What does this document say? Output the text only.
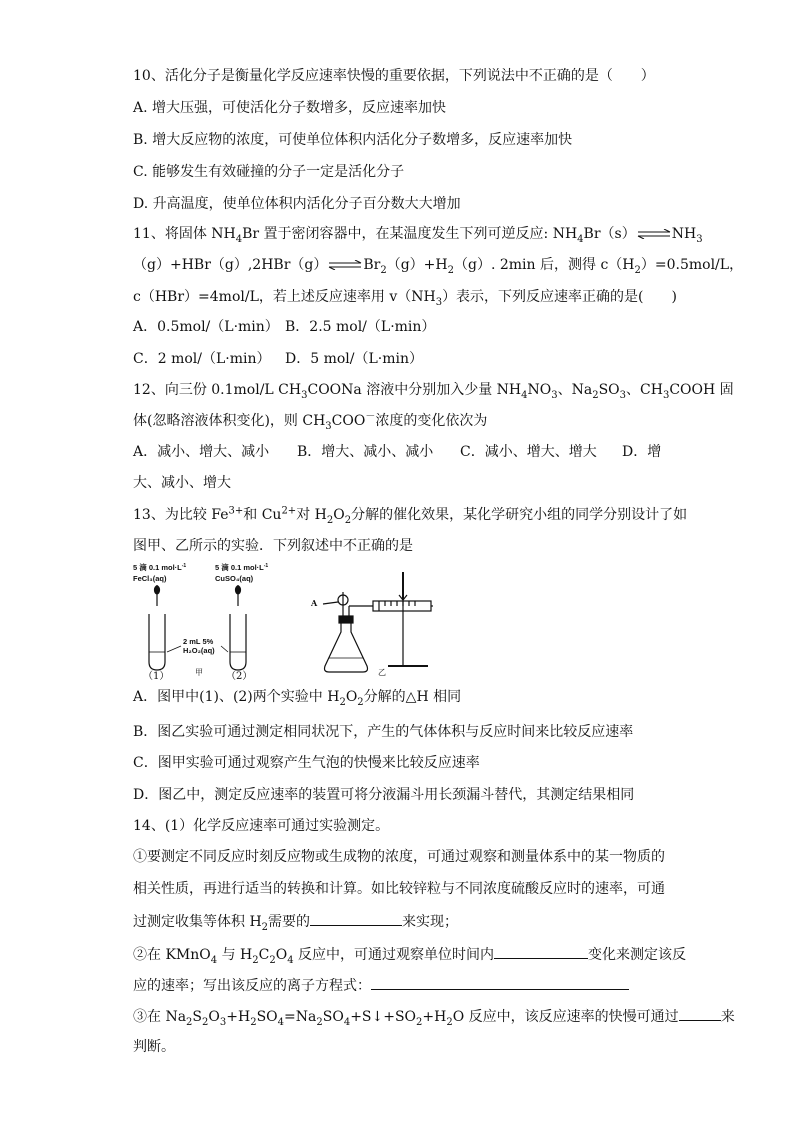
10、活化分子是衡量化学反应速率快慢的重要依据，下列说法中不正确的是（　　）
A. 增大压强，可使活化分子数增多，反应速率加快
B. 增大反应物的浓度，可使单位体积内活化分子数增多，反应速率加快
C. 能够发生有效碰撞的分子一定是活化分子
D. 升高温度，使单位体积内活化分子百分数大大增加
11、将固体 $NH_4Br$ 置于密闭容器中，在某温度发生下列可逆反应: $NH_4Br(s)\rightleftharpoons NH_3$
$(g)+HBr(g),2HBr(g)\rightleftharpoons Br_2(g)+H_2(g)$. 2min 后，测得 $c(H_2)=0.5mol/L$，
c（HBr）=4mol/L，若上述反应速率用 $v(NH_3)$表示，下列反应速率正确的是(　　)
A．0.5mol/（L·min） B．2.5 mol/（L·min）
C．2 mol/（L·min） D．5 mol/（L·min）
12、向三份 0.1mol/L $CH_3COONa$ 溶液中分别加入少量 $NH_4NO_3$、$Na_2SO_3$、$CH_3COOH$ 固
体(忽略溶液体积变化)，则 $CH_3COO^-$浓度的变化依次为
A．减小、增大、减小 B．增大、减小、减小 C．减小、增大、增大 D．增
大、减小、增大
13、为比较 $Fe^{3+}$和 $Cu^{2+}$对 $H_2O_2$分解的催化效果，某化学研究小组的同学分别设计了如
图甲、乙所示的实验．下列叙述中不正确的是
5 滴 0.1 $mol\cdot L^{-1}$
FeCl₃(aq)
5 滴 0.1 $mol\cdot L^{-1}$
CuSO₄(aq)
2 mL 5%
H₂O₂(aq)
（1）	（2）
甲	乙
A
A．图甲中(1)、(2)两个实验中 $H_2O_2$分解的△H 相同
B．图乙实验可通过测定相同状况下，产生的气体体积与反应时间来比较反应速率
C．图甲实验可通过观察产生气泡的快慢来比较反应速率
D．图乙中，测定反应速率的装置可将分液漏斗用长颈漏斗替代，其测定结果相同
14、(1）化学反应速率可通过实验测定。
①要测定不同反应时刻反应物或生成物的浓度，可通过观察和测量体系中的某一物质的
相关性质，再进行适当的转换和计算。如比较锌粒与不同浓度硫酸反应时的速率，可通
过测定收集等体积 $H_2$需要的	来实现；
②在 KMnO$_4$ 与 $H_2C_2O_4$ 反应中，可通过观察单位时间内	变化来测定该反
应的速率；写出该反应的离子方程式：
③在 $Na_2S_2O_3+H_2SO_4=Na_2SO_4+S↓+SO_2+H_2O$ 反应中，该反应速率的快慢可通过	来
判断。
